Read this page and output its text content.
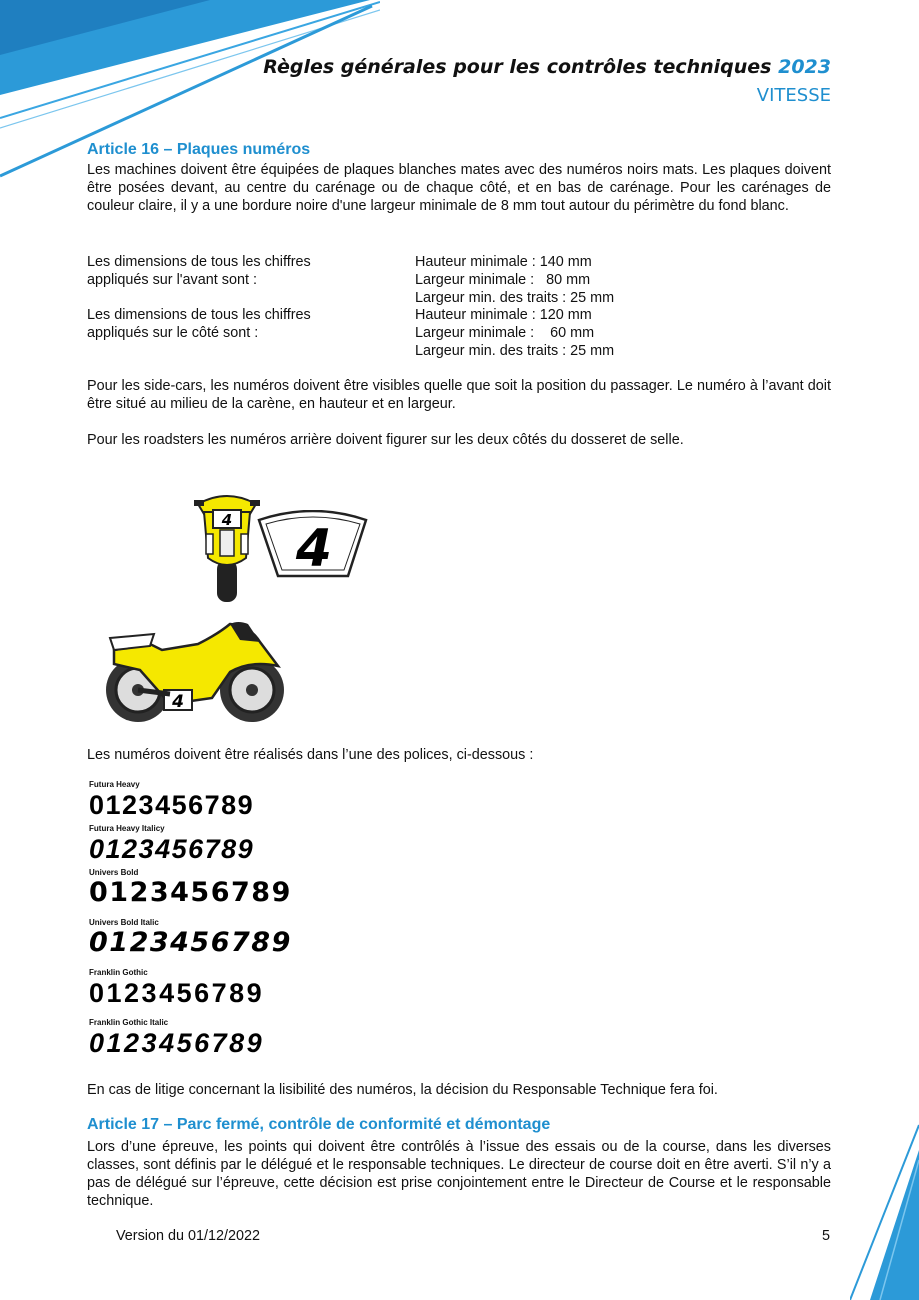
Règles générales pour les contrôles techniques 2023
VITESSE
Article 16 – Plaques numéros

Les machines doivent être équipées de plaques blanches mates avec des numéros noirs mats. Les plaques doivent être posées devant, au centre du carénage ou de chaque côté, et en bas de carénage. Pour les carénages de couleur claire, il y a une bordure noire d'une largeur minimale de 8 mm tout autour du périmètre du fond blanc.

Les dimensions de tous les chiffres
appliqués sur l'avant sont :
Hauteur minimale : 140 mm
Largeur minimale :   80 mm
Largeur min. des traits : 25 mm
Les dimensions de tous les chiffres
appliqués sur le côté sont :
Hauteur minimale : 120 mm
Largeur minimale :    60 mm
Largeur min. des traits : 25 mm

Pour les side-cars, les numéros doivent être visibles quelle que soit la position du passager. Le numéro à l’avant doit être situé au milieu de la carène, en hauteur et en largeur.

Pour les roadsters les numéros arrière doivent figurer sur les deux côtés du dosseret de selle.

4 4
4

Les numéros doivent être réalisés dans l’une des polices, ci-dessous :

Futura Heavy
0123456789
Futura Heavy Italicy
0123456789
Univers Bold
0123456789
Univers Bold Italic
0123456789
Franklin Gothic
0123456789
Franklin Gothic Italic
0123456789

En cas de litige concernant la lisibilité des numéros, la décision du Responsable Technique fera foi.

Article 17 – Parc fermé, contrôle de conformité et démontage

Lors d’une épreuve, les points qui doivent être contrôlés à l’issue des essais ou de la course, dans les diverses classes, sont définis par le délégué et le responsable techniques. Le directeur de course doit en être averti. S’il n’y a pas de délégué sur l’épreuve, cette décision est prise conjointement entre le Directeur de Course et le responsable technique.

Version du 01/12/2022	5
